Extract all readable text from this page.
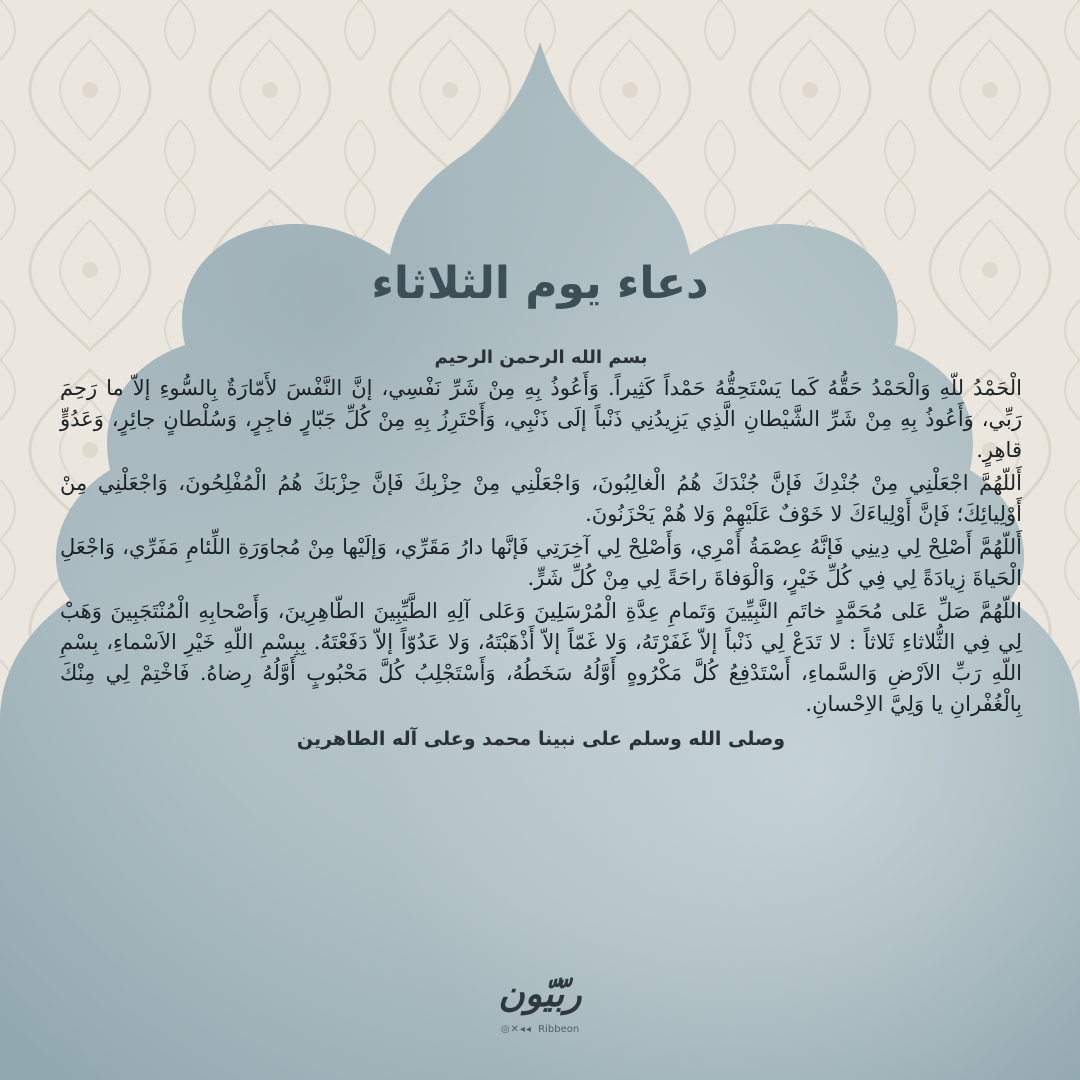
دعاء يوم الثلاثاء

بسم الله الرحمن الرحيم

الْحَمْدُ للّهِ وَالْحَمْدُ حَقُّهُ كَما يَسْتَحِقُّهُ حَمْداً كَثِيراً. وَأَعُوذُ بِهِ مِنْ شَرِّ نَفْسِي، إنَّ النَّفْسَ لأَمّارَةٌ بِالسُّوءِ إلاّ ما رَحِمَ رَبِّي، وَأَعُوذُ بِهِ مِنْ شَرِّ الشَّيْطانِ الَّذِي يَزِيدُنِي ذَنْباً إلَى ذَنْبِي، وَأَحْتَرِزُ بِهِ مِنْ كُلِّ جَبّارٍ فاجِرٍ، وَسُلْطانٍ جائِرٍ، وَعَدُوٍّ قاهِرٍ.

أَللّهُمَّ اجْعَلْنِي مِنْ جُنْدِكَ فَإنَّ جُنْدَكَ هُمُ الْغالِبُونَ، وَاجْعَلْنِي مِنْ حِزْبِكَ فَإنَّ حِزْبَكَ هُمُ الْمُفْلِحُونَ، وَاجْعَلْنِي مِنْ أَوْلِيائِكَ؛ فَإنَّ أَوْلِياءَكَ لا خَوْفٌ عَلَيْهِمْ وَلا هُمْ يَحْزَنُونَ.

أَللّهُمَّ أَصْلِحْ لِي دِينِي فَإنَّهُ عِصْمَةُ أَمْرِي، وَأَصْلِحْ لِي آخِرَتِي فَإنَّها دارُ مَقَرِّي، وَإلَيْها مِنْ مُجاوَرَةِ اللِّئامِ مَفَرِّي، وَاجْعَلِ الْحَياةَ زِيادَةً لِي فِي كُلِّ خَيْرٍ، وَالْوَفاةَ راحَةً لِي مِنْ كُلِّ شَرٍّ.

اللّهُمَّ صَلِّ عَلى مُحَمَّدٍ خاتَمِ النَّبِيِّينَ وَتَمامِ عِدَّةِ الْمُرْسَلِينَ وَعَلى آلِهِ الطَّيِّبِينَ الطّاهِرِينَ، وَأَصْحابِهِ الْمُنْتَجَبِينَ وَهَبْ لِي فِي الثُّلاثاءِ ثَلاثاً : لا تَدَعْ لِي ذَنْباً إلاّ غَفَرْتَهُ، وَلا غَمّاً إلاّ أَذْهَبْتَهُ، وَلا عَدُوّاً إلاّ دَفَعْتَهُ. بِبِسْمِ اللّهِ خَيْرِ الاَسْماءِ، بِسْمِ اللّهِ رَبِّ الاَرْضِ وَالسَّماءِ، أَسْتَدْفِعُ كُلَّ مَكْرُوهٍ أَوَّلُهُ سَخَطُهُ، وَأَسْتَجْلِبُ كُلَّ مَحْبُوبٍ أَوَّلُهُ رِضاهُ. فَاخْتِمْ لِي مِنْكَ بِالْغُفْرانِ يا وَلِيَّ الاِحْسانِ.

وصلى الله وسلم على نبينا محمد وعلى آله الطاهرين

ربّيّون
◎✕◂◂ Ribbeon
